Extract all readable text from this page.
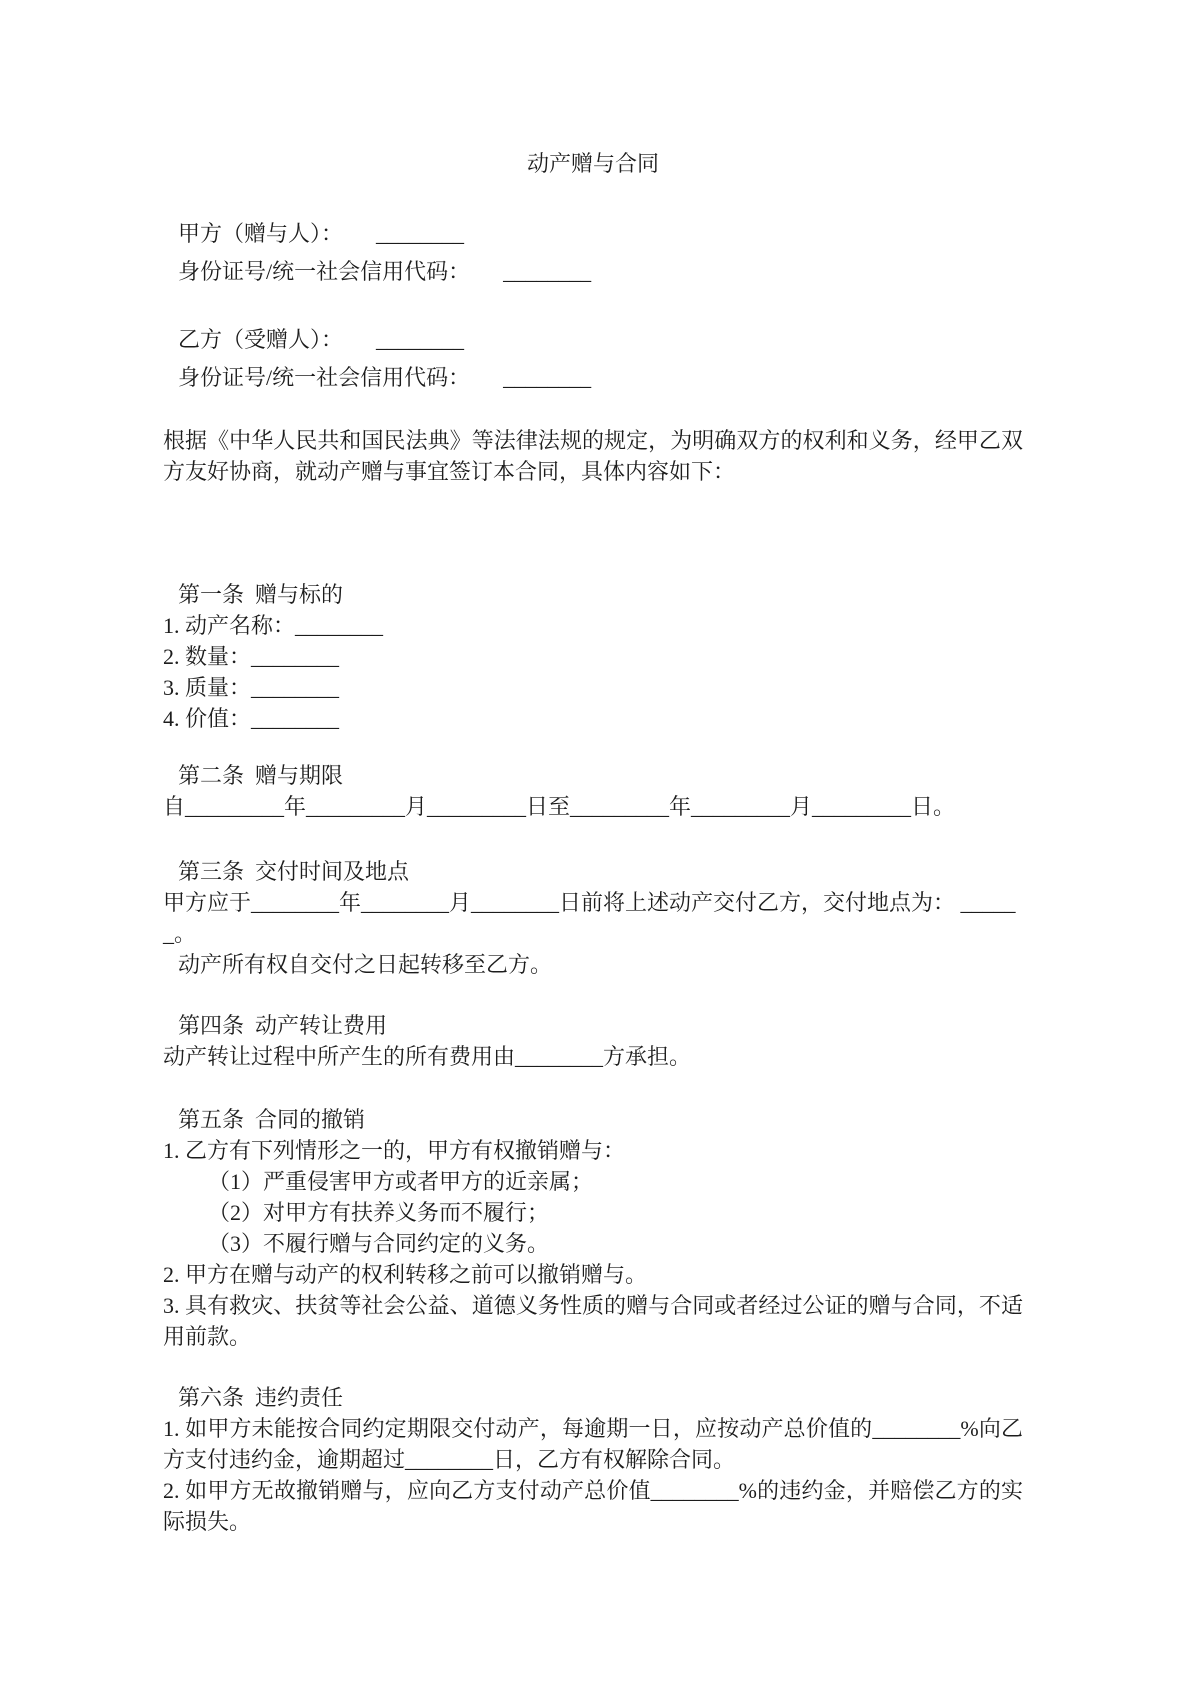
动产赠与合同

甲方（赠与人）：      ________

身份证号/统一社会信用代码：      ________

乙方（受赠人）：      ________

身份证号/统一社会信用代码：      ________

根据《中华人民共和国民法典》等法律法规的规定，为明确双方的权利和义务，经甲乙双方友好协商，就动产赠与事宜签订本合同，具体内容如下：

第一条  赠与标的

1. 动产名称：________

2. 数量：________

3. 质量：________

4. 价值：________

第二条  赠与期限

自_________年_________月_________日至_________年_________月_________日。

第三条  交付时间及地点

甲方应于________年________月________日前将上述动产交付乙方，交付地点为： _____

_。

动产所有权自交付之日起转移至乙方。

第四条  动产转让费用

动产转让过程中所产生的所有费用由________方承担。

第五条  合同的撤销

1. 乙方有下列情形之一的，甲方有权撤销赠与：

（1）严重侵害甲方或者甲方的近亲属；

（2）对甲方有扶养义务而不履行；

（3）不履行赠与合同约定的义务。

2. 甲方在赠与动产的权利转移之前可以撤销赠与。

3. 具有救灾、扶贫等社会公益、道德义务性质的赠与合同或者经过公证的赠与合同，不适用前款。

第六条  违约责任

1. 如甲方未能按合同约定期限交付动产，每逾期一日，应按动产总价值的________%向乙方支付违约金，逾期超过________日，乙方有权解除合同。

2. 如甲方无故撤销赠与，应向乙方支付动产总价值________%的违约金，并赔偿乙方的实际损失。
